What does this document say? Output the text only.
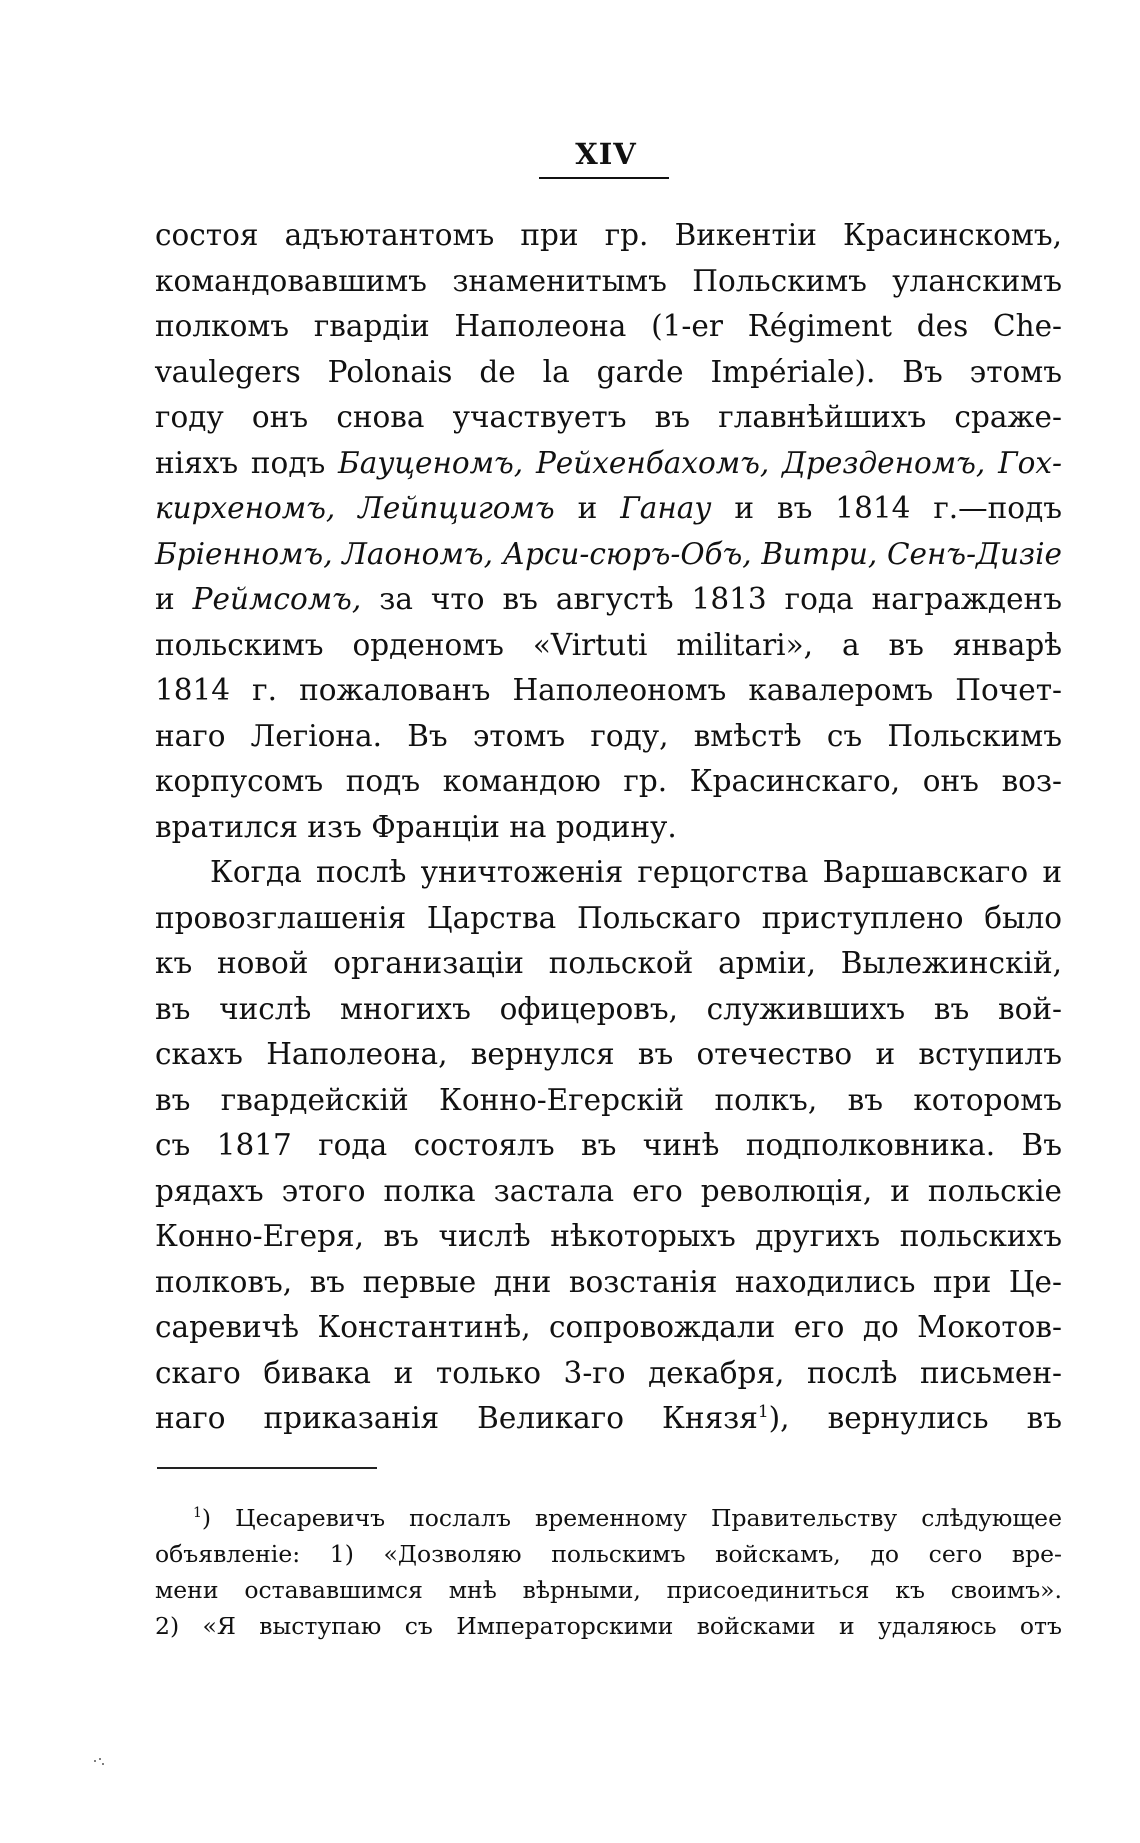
XIV
состоя адъютантомъ при гр. Викентіи Красинскомъ,
командовавшимъ знаменитымъ Польскимъ уланскимъ
полкомъ гвардіи Наполеона (1-er Régiment des Che-
vaulegers Polonais de la garde Impériale). Въ этомъ
году онъ снова участвуетъ въ главнѣйшихъ сраже-
ніяхъ подъ Бауценомъ, Рейхенбахомъ, Дрезденомъ, Гох-
кирхеномъ, Лейпцигомъ и Ганау и въ 1814 г.—подъ
Бріенномъ, Лаономъ, Арси-сюръ-Объ, Витри, Сенъ-Дизіе
и Реймсомъ, за что въ августѣ 1813 года награжденъ
польскимъ орденомъ «Virtuti militari», а въ январѣ
1814 г. пожалованъ Наполеономъ кавалеромъ Почет-
наго Легіона. Въ этомъ году, вмѣстѣ съ Польскимъ
корпусомъ подъ командою гр. Красинскаго, онъ воз-
вратился изъ Франціи на родину.
Когда послѣ уничтоженія герцогства Варшавскаго и
провозглашенія Царства Польскаго приступлено было
къ новой организаціи польской арміи, Вылежинскій,
въ числѣ многихъ офицеровъ, служившихъ въ вой-
скахъ Наполеона, вернулся въ отечество и вступилъ
въ гвардейскій Конно-Егерскій полкъ, въ которомъ
съ 1817 года состоялъ въ чинѣ подполковника. Въ
рядахъ этого полка застала его революція, и польскіе
Конно-Егеря, въ числѣ нѣкоторыхъ другихъ польскихъ
полковъ, въ первые дни возстанія находились при Це-
саревичѣ Константинѣ, сопровождали его до Мокотов-
скаго бивака и только 3-го декабря, послѣ письмен-
наго приказанія Великаго Князя$^1$), вернулись въ
$^1$) Цесаревичъ послалъ временному Правительству слѣдующее
объявленіе: 1) «Дозволяю польскимъ войскамъ, до сего вре-
мени остававшимся мнѣ вѣрными, присоединиться къ своимъ».
2) «Я выступаю съ Императорскими войсками и удаляюсь отъ
